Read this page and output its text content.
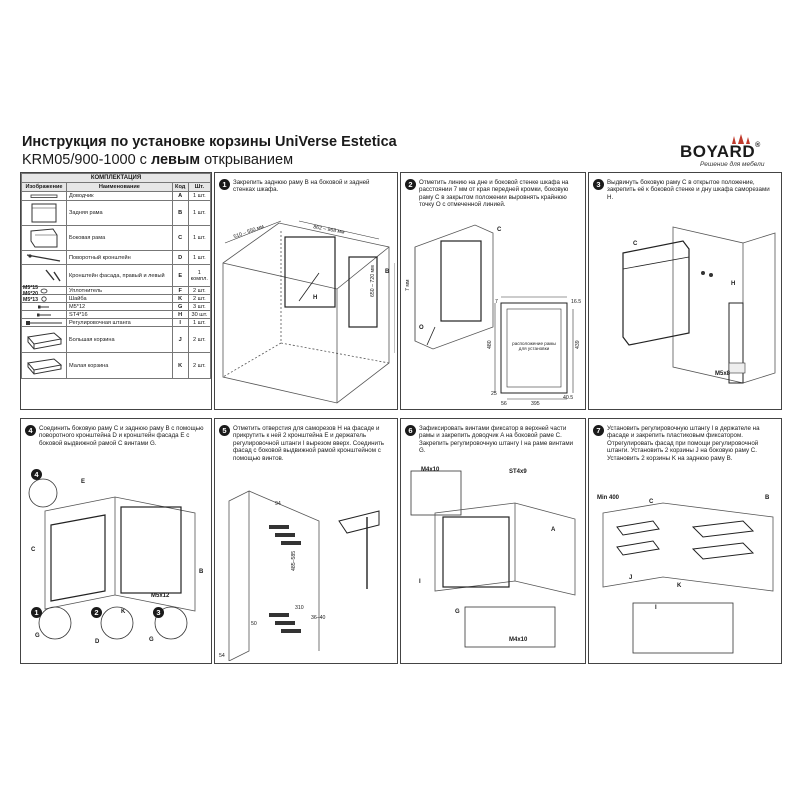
Инструкция по установке корзины UniVerse Estetica
KRM05/900-1000 с левым открыванием	BOYARD®
Решение для мебели
КОМПЛЕКТАЦИЯ			
Изображение	Наименование	Код	Шт.

	Доводчик	A	1 шт.

	Задняя рама	B	1 шт.

	Боковая рама	C	1 шт.

	Поворотный кронштейн	D	1 шт.

	Кронштейн фасада, правый и левый	E	1 компл.

	Уплотнитель	F	2 шт.

	Шайба	K	2 шт.

	M5*12	G	3 шт.

	ST4*16	H	30 шт.

	Регулировочная штанга	I	1 шт.

	Большая корзина	J	2 шт.

	Малая корзина	K	2 шт.
M5*15
M6*20
M5*13
1	Закрепить заднюю раму B на боковой и задней стенках шкафа.
510 – 550 мм	862 – 968 мм
650 – 720 мм B
H
2	Отметить линию на дне и боковой стенке шкафа на расстоянии 7 мм от края передней кромки, боковую раму C в закрытом положении выровнять крайнюю точку O с отмеченной линией.
C
7 мм
O
7	16.5
480	439
25
56	395
40.5
расположение рамы для установки
3	Выдвинуть боковую раму C в открытое положение, закрепить её к боковой стенке и дну шкафа саморезами H.
C
H
M5x8
4	Соединить боковую раму C и заднюю раму B с помощью поворотного кронштейна D и кронштейн фасада E с боковой выдвижной рамой C винтами G.
4
E
C
B
M5x12
1	2	3
G
D
K
G
5	Отметить отверстия для саморезов H на фасаде и прикрутить к ней 2 кронштейна E и держатель регулировочной штанги I вырезом вверх. Соединить фасад с боковой выдвижной рамой кронштейном с помощью винтов.
94
485–585
310
36–40
50
54
6	Зафиксировать винтами фиксатор в верхней части рамы и закрепить доводчик A на боковой раме C. Закрепить регулировочную штангу I на раме винтами G.
M4x10	ST4x9
A
I
G
M4x10
7	Установить регулировочную штангу I в держателе на фасаде и закрепить пластиковым фиксатором. Отрегулировать фасад при помощи регулировочной штанги. Установить 2 корзины J на боковую раму C. Установить 2 корзины K на заднюю раму B.
Min 400
C
B
J
K
I
